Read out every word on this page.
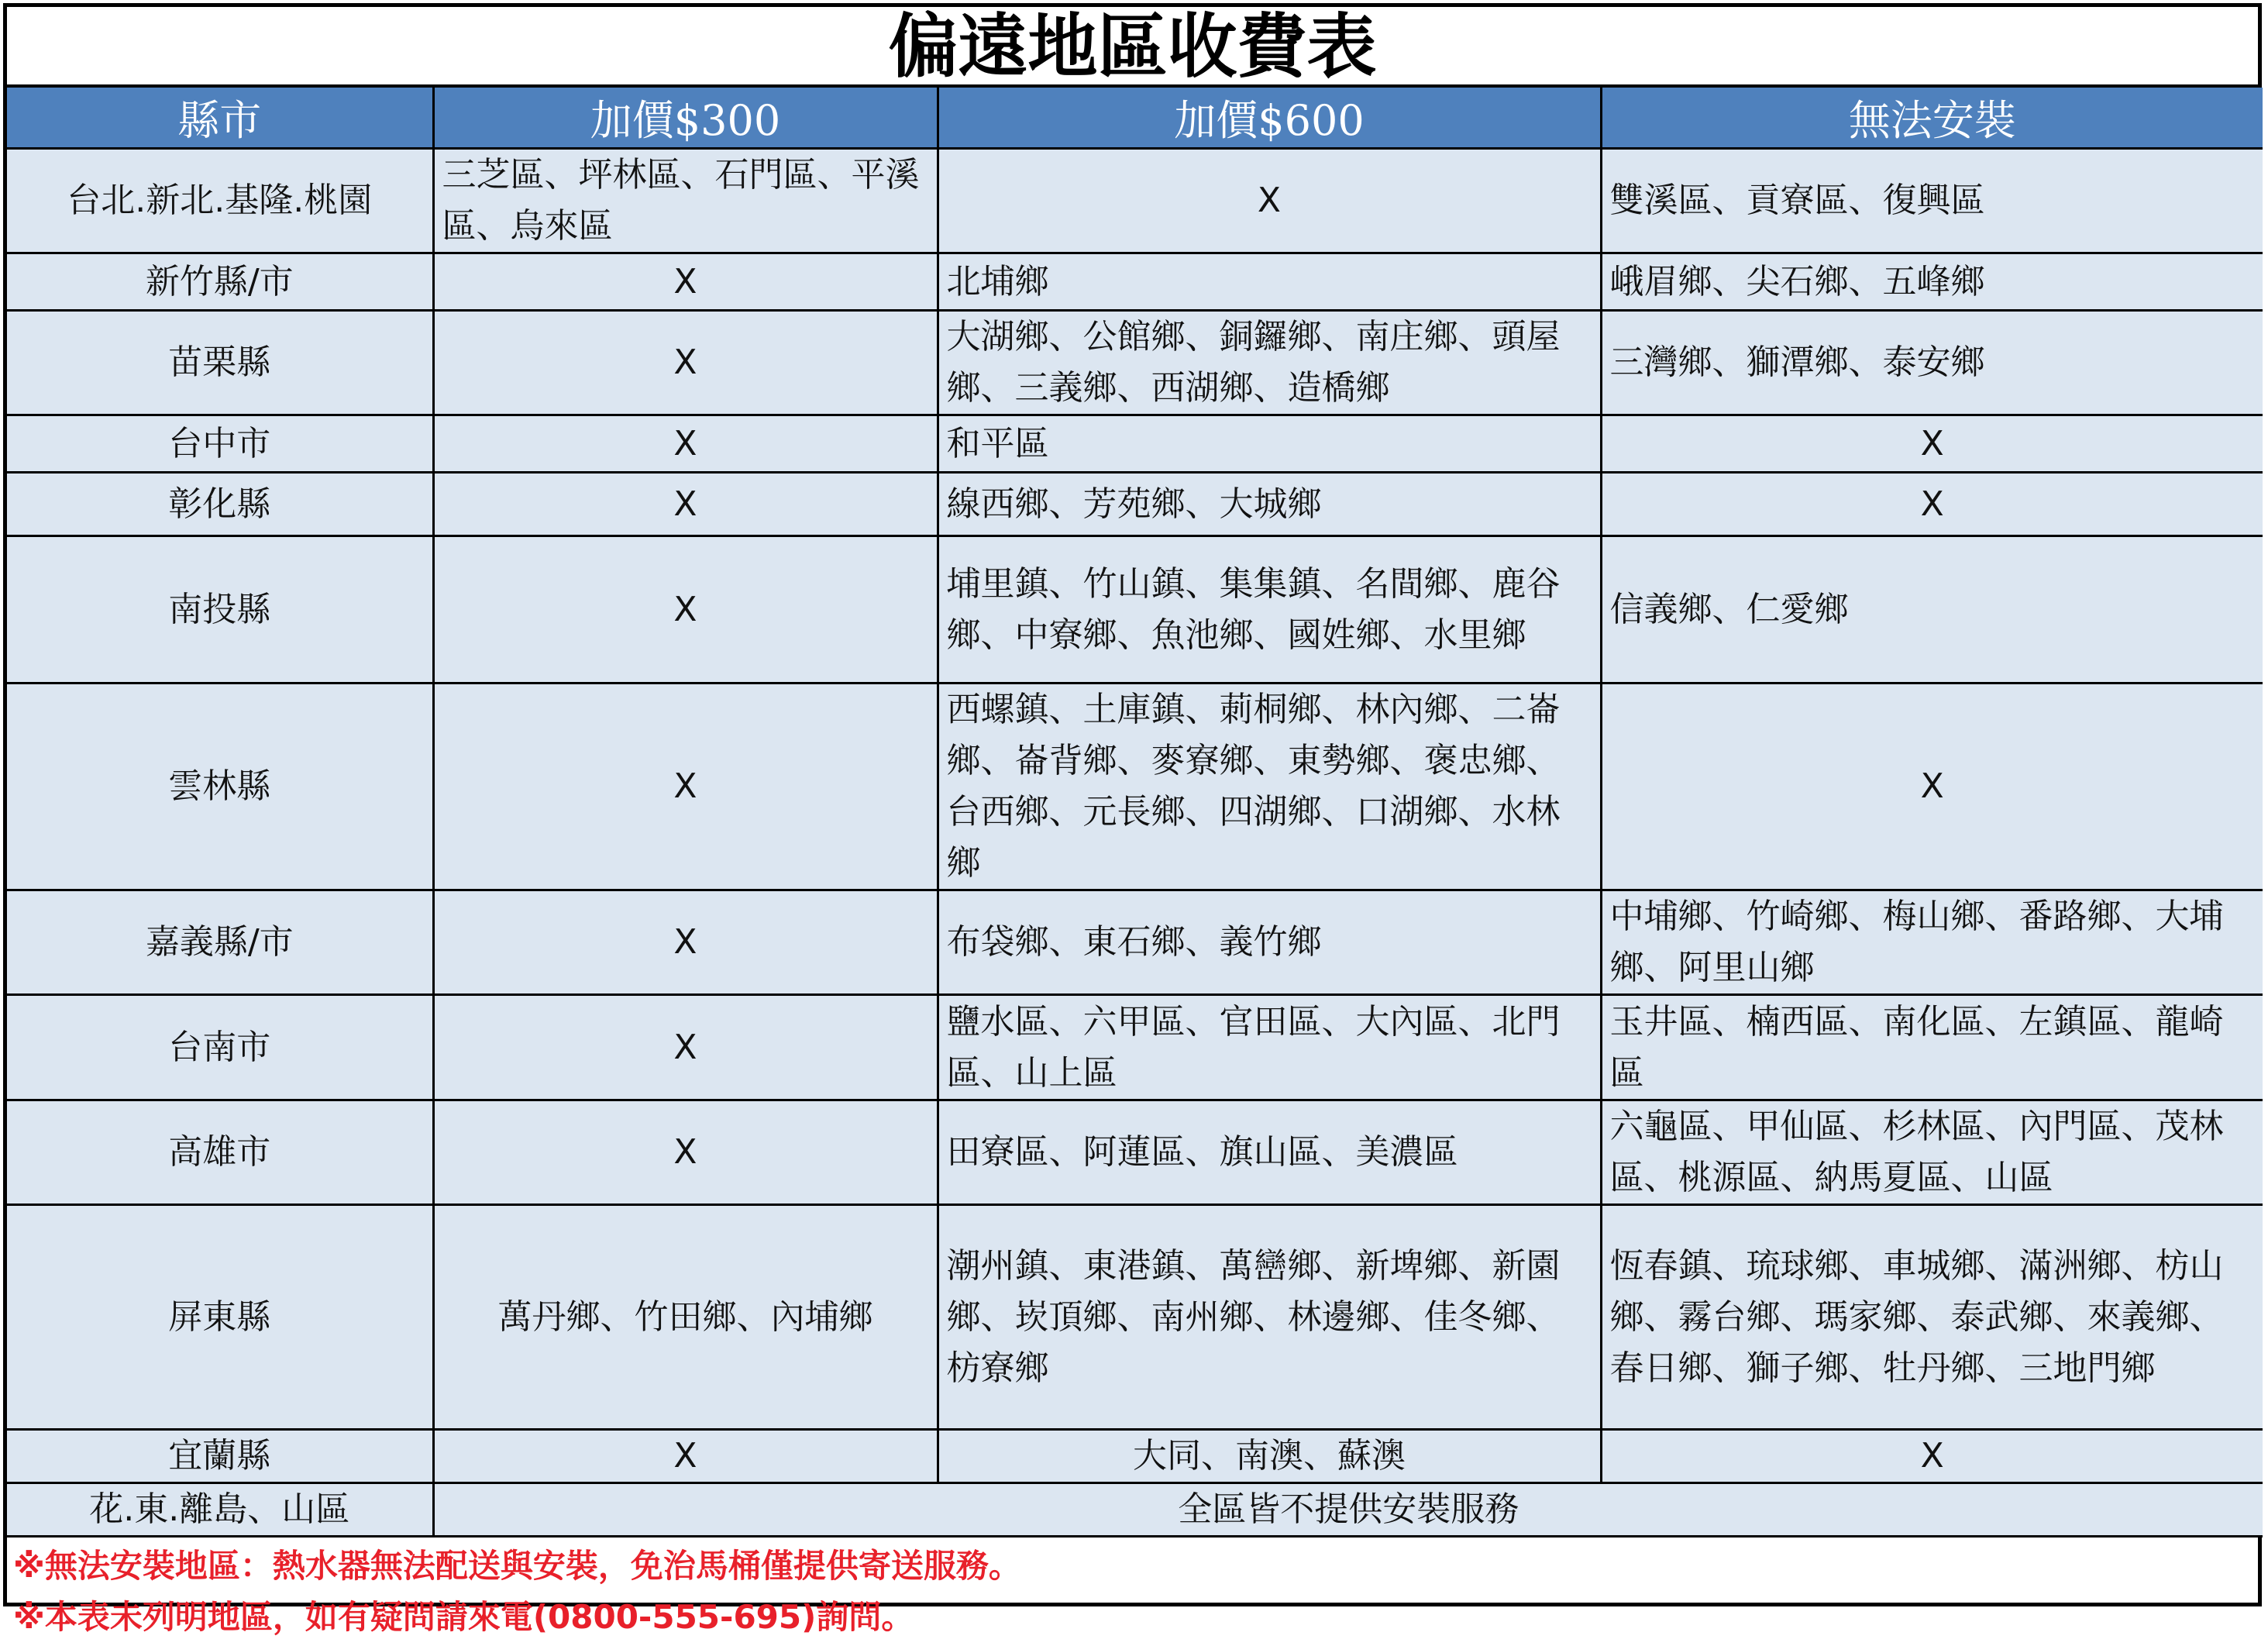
偏遠地區收費表
縣市	加價$300	加價$600	無法安裝
台北.新北.基隆.桃園	三芝區、坪林區、石門區、平溪區、烏來區	X	雙溪區、貢寮區、復興區
新竹縣/市	X	北埔鄉	峨眉鄉、尖石鄉、五峰鄉
苗栗縣	X	大湖鄉、公館鄉、銅鑼鄉、南庄鄉、頭屋鄉、三義鄉、西湖鄉、造橋鄉	三灣鄉、獅潭鄉、泰安鄉
台中市	X	和平區	X
彰化縣	X	線西鄉、芳苑鄉、大城鄉	X
南投縣	X	埔里鎮、竹山鎮、集集鎮、名間鄉、鹿谷鄉、中寮鄉、魚池鄉、國姓鄉、水里鄉	信義鄉、仁愛鄉
雲林縣	X	西螺鎮、土庫鎮、莿桐鄉、林內鄉、二崙鄉、崙背鄉、麥寮鄉、東勢鄉、褒忠鄉、台西鄉、元長鄉、四湖鄉、口湖鄉、水林鄉	X
嘉義縣/市	X	布袋鄉、東石鄉、義竹鄉	中埔鄉、竹崎鄉、梅山鄉、番路鄉、大埔鄉、阿里山鄉
台南市	X	鹽水區、六甲區、官田區、大內區、北門區、山上區	玉井區、楠西區、南化區、左鎮區、龍崎區
高雄市	X	田寮區、阿蓮區、旗山區、美濃區	六龜區、甲仙區、杉林區、內門區、茂林區、桃源區、納馬夏區、山區
屏東縣	萬丹鄉、竹田鄉、內埔鄉	潮州鎮、東港鎮、萬巒鄉、新埤鄉、新園鄉、崁頂鄉、南州鄉、林邊鄉、佳冬鄉、枋寮鄉	恆春鎮、琉球鄉、車城鄉、滿洲鄉、枋山鄉、霧台鄉、瑪家鄉、泰武鄉、來義鄉、春日鄉、獅子鄉、牡丹鄉、三地門鄉
宜蘭縣	X	大同、南澳、蘇澳	X
花.東.離島、山區	全區皆不提供安裝服務		
※無法安裝地區：熱水器無法配送與安裝，免治馬桶僅提供寄送服務。
※本表未列明地區，如有疑問請來電(0800-555-695)詢問。
